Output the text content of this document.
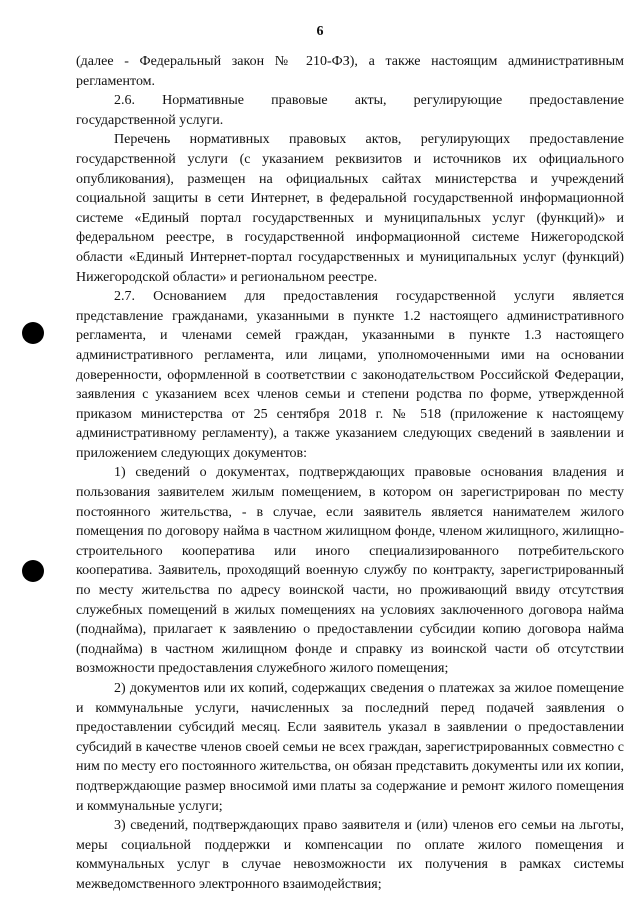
6

(далее - Федеральный закон № 210-ФЗ), а также настоящим административным регламентом.

2.6. Нормативные правовые акты, регулирующие предоставление

государственной услуги.

Перечень нормативных правовых актов, регулирующих предоставление государственной услуги (с указанием реквизитов и источников их официального опубликования), размещен на официальных сайтах министерства и учреждений социальной защиты в сети Интернет, в федеральной государственной информационной системе «Единый портал государственных и муниципальных услуг (функций)» и федеральном реестре, в государственной информационной системе Нижегородской области «Единый Интернет-портал государственных и муниципальных услуг (функций) Нижегородской области» и региональном реестре.

2.7. Основанием для предоставления государственной услуги является представление гражданами, указанными в пункте 1.2 настоящего административного регламента, и членами семей граждан, указанными в пункте 1.3 настоящего административного регламента, или лицами, уполномоченными ими на основании доверенности, оформленной в соответствии с законодательством Российской Федерации, заявления с указанием всех членов семьи и степени родства по форме, утвержденной приказом министерства от 25 сентября 2018 г. № 518 (приложение к настоящему административному регламенту), а также указанием следующих сведений в заявлении и приложением следующих документов:

1) сведений о документах, подтверждающих правовые основания владения и пользования заявителем жилым помещением, в котором он зарегистрирован по месту постоянного жительства, - в случае, если заявитель является нанимателем жилого помещения по договору найма в частном жилищном фонде, членом жилищного, жилищно-строительного кооператива или иного специализированного потребительского кооператива. Заявитель, проходящий военную службу по контракту, зарегистрированный по месту жительства по адресу воинской части, но проживающий ввиду отсутствия служебных помещений в жилых помещениях на условиях заключенного договора найма (поднайма), прилагает к заявлению о предоставлении субсидии копию договора найма (поднайма) в частном жилищном фонде и справку из воинской части об отсутствии возможности предоставления служебного жилого помещения;

2) документов или их копий, содержащих сведения о платежах за жилое помещение и коммунальные услуги, начисленных за последний перед подачей заявления о предоставлении субсидий месяц. Если заявитель указал в заявлении о предоставлении субсидий в качестве членов своей семьи не всех граждан, зарегистрированных совместно с ним по месту его постоянного жительства, он обязан представить документы или их копии, подтверждающие размер вносимой ими платы за содержание и ремонт жилого помещения и коммунальные услуги;

3) сведений, подтверждающих право заявителя и (или) членов его семьи на льготы, меры социальной поддержки и компенсации по оплате жилого помещения и коммунальных услуг в случае невозможности их получения в рамках системы межведомственного электронного взаимодействия;
